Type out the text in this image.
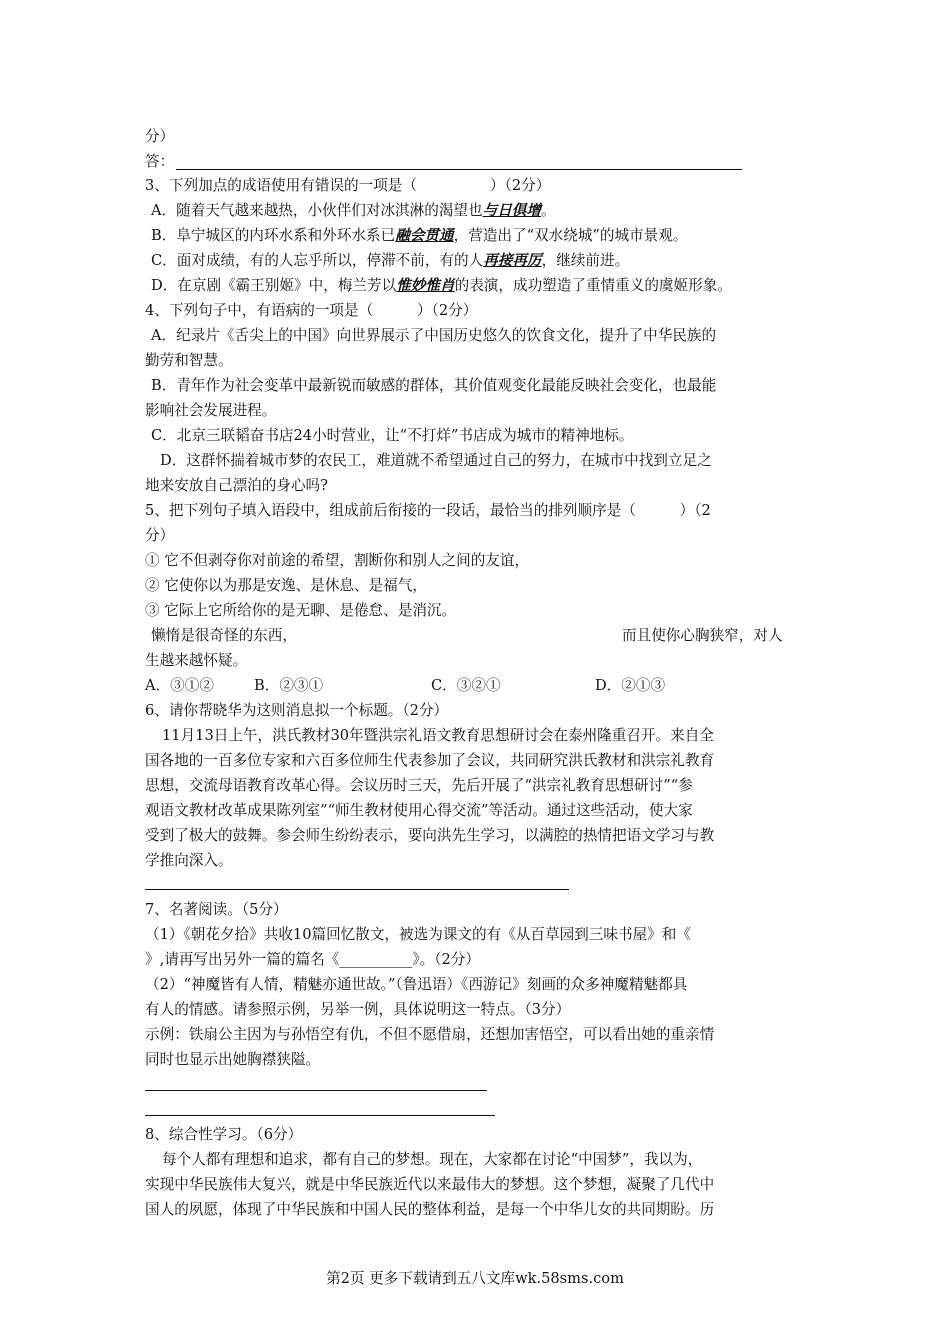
分）
答：
3、下列加点的成语使用有错误的一项是（　　　　　）（2分）
A．随着天气越来越热，小伙伴们对冰淇淋的渴望也与日俱增。
B．阜宁城区的内环水系和外环水系已融会贯通，营造出了“双水绕城”的城市景观。
C．面对成绩，有的人忘乎所以，停滞不前，有的人再接再厉，继续前进。
D．在京剧《霸王别姬》中，梅兰芳以惟妙惟肖的表演，成功塑造了重情重义的虞姬形象。
4、下列句子中，有语病的一项是（　　　）（2分）
A．纪录片《舌尖上的中国》向世界展示了中国历史悠久的饮食文化，提升了中华民族的
勤劳和智慧。
B．青年作为社会变革中最新锐而敏感的群体，其价值观变化最能反映社会变化，也最能
影响社会发展进程。
C．北京三联韬奋书店24小时营业，让“不打烊”书店成为城市的精神地标。
D．这群怀揣着城市梦的农民工，难道就不希望通过自己的努力，在城市中找到立足之
地来安放自己漂泊的身心吗?
5、把下列句子填入语段中，组成前后衔接的一段话，最恰当的排列顺序是（　　　）（2
分）
① 它不但剥夺你对前途的希望，割断你和别人之间的友谊，
② 它使你以为那是安逸、是休息、是福气，
③ 它际上它所给你的是无聊、是倦怠、是消沉。
懒惰是很奇怪的东西，	而且使你心胸狭窄，对人
生越来越怀疑。
A．③①②	B．②③①	C．③②①	D．②①③
6、请你帮晓华为这则消息拟一个标题。（2分）
11月13日上午，洪氏教材30年暨洪宗礼语文教育思想研讨会在泰州隆重召开。来自全
国各地的一百多位专家和六百多位师生代表参加了会议，共同研究洪氏教材和洪宗礼教育
思想，交流母语教育改革心得。会议历时三天，先后开展了“洪宗礼教育思想研讨”“参
观语文教材改革成果陈列室”“师生教材使用心得交流”等活动。通过这些活动，使大家
受到了极大的鼓舞。参会师生纷纷表示，要向洪先生学习，以满腔的热情把语文学习与教
学推向深入。
7、名著阅读。（5分）
（1）《朝花夕拾》共收10篇回忆散文，被选为课文的有《从百草园到三味书屋》和《
》,请再写出另外一篇的篇名《__________》。（2分）
（2）“神魔皆有人情，精魅亦通世故。”（鲁迅语）《西游记》刻画的众多神魔精魅都具
有人的情感。请参照示例，另举一例，具体说明这一特点。（3分）
示例：铁扇公主因为与孙悟空有仇，不但不愿借扇，还想加害悟空，可以看出她的重亲情
同时也显示出她胸襟狭隘。
8、综合性学习。（6分）
每个人都有理想和追求，都有自己的梦想。现在，大家都在讨论“中国梦”，我以为，
实现中华民族伟大复兴，就是中华民族近代以来最伟大的梦想。这个梦想，凝聚了几代中
国人的夙愿，体现了中华民族和中国人民的整体利益，是每一个中华儿女的共同期盼。历
第2页 更多下载请到五八文库wk.58sms.com
